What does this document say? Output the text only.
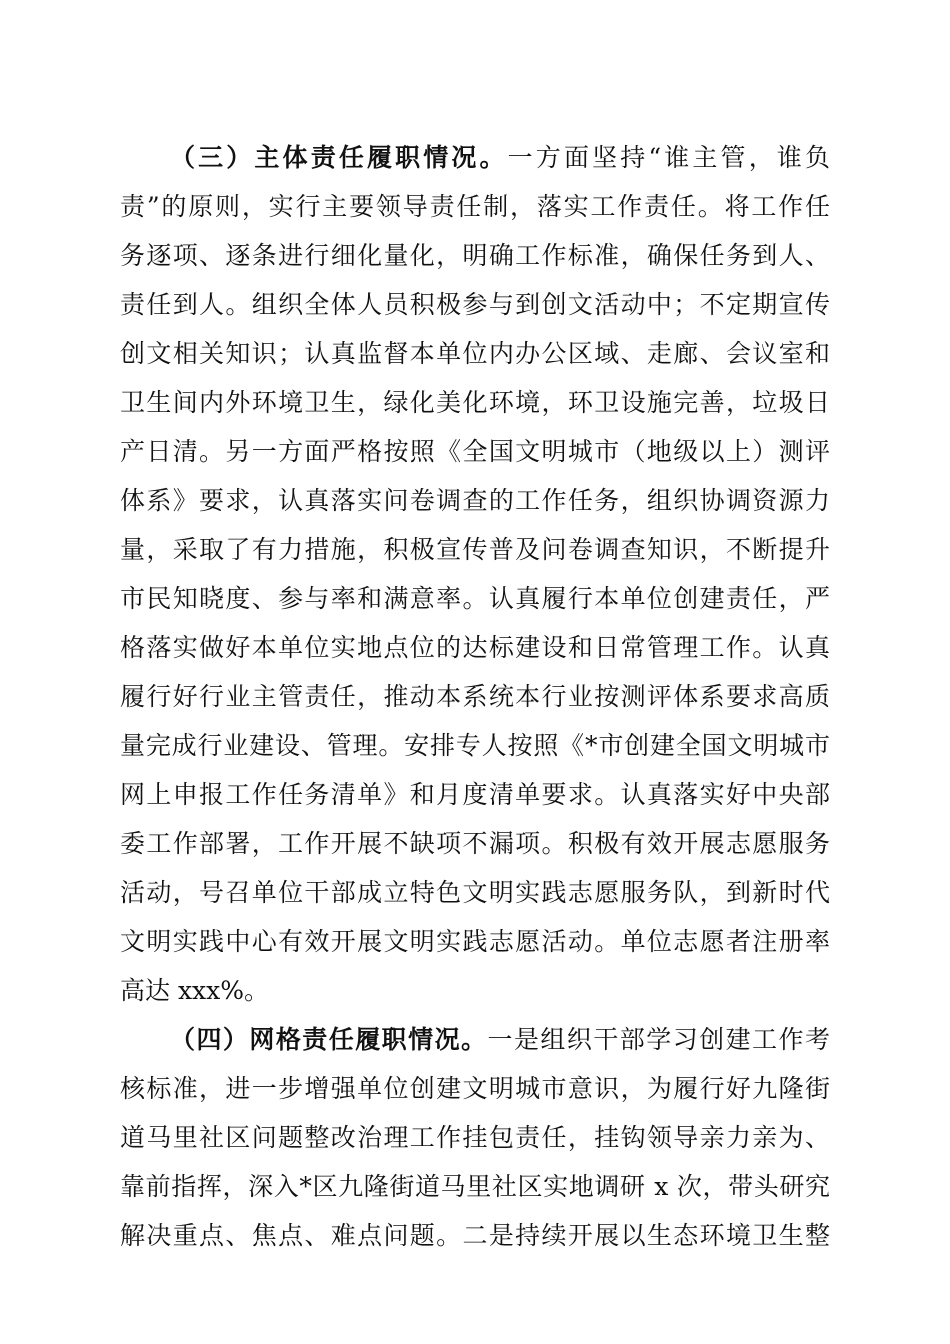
（三）主体责任履职情况。一方面坚持“谁主管，谁负
责”的原则，实行主要领导责任制，落实工作责任。将工作任
务逐项、逐条进行细化量化，明确工作标准，确保任务到人、
责任到人。组织全体人员积极参与到创文活动中；不定期宣传
创文相关知识；认真监督本单位内办公区域、走廊、会议室和
卫生间内外环境卫生，绿化美化环境，环卫设施完善，垃圾日
产日清。另一方面严格按照《全国文明城市（地级以上）测评
体系》要求，认真落实问卷调查的工作任务，组织协调资源力
量，采取了有力措施，积极宣传普及问卷调查知识，不断提升
市民知晓度、参与率和满意率。认真履行本单位创建责任，严
格落实做好本单位实地点位的达标建设和日常管理工作。认真
履行好行业主管责任，推动本系统本行业按测评体系要求高质
量完成行业建设、管理。安排专人按照《*市创建全国文明城市
网上申报工作任务清单》和月度清单要求。认真落实好中央部
委工作部署，工作开展不缺项不漏项。积极有效开展志愿服务
活动，号召单位干部成立特色文明实践志愿服务队，到新时代
文明实践中心有效开展文明实践志愿活动。单位志愿者注册率
高达 xxx%。
（四）网格责任履职情况。一是组织干部学习创建工作考
核标准，进一步增强单位创建文明城市意识，为履行好九隆街
道马里社区问题整改治理工作挂包责任，挂钩领导亲力亲为、
靠前指挥，深入*区九隆街道马里社区实地调研 x 次，带头研究
解决重点、焦点、难点问题。二是持续开展以生态环境卫生整
